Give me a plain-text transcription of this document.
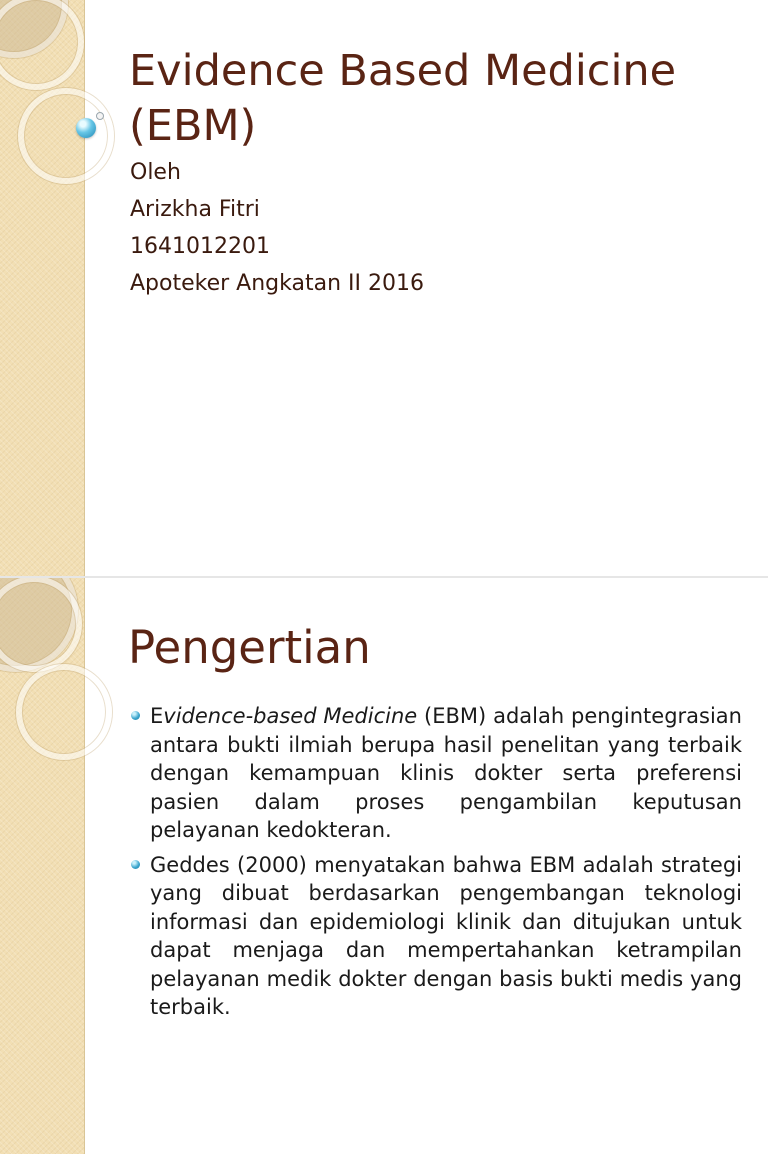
Evidence Based Medicine
(EBM)
Oleh
Arizkha Fitri
1641012201
Apoteker Angkatan II 2016
Pengertian
Evidence-based Medicine (EBM) adalah pengintegrasian antara bukti ilmiah berupa hasil penelitan yang terbaik dengan kemampuan klinis dokter serta preferensi pasien dalam proses pengambilan keputusan pelayanan kedokteran.
Geddes (2000) menyatakan bahwa EBM adalah strategi yang dibuat berdasarkan pengembangan teknologi informasi dan epidemiologi klinik dan ditujukan untuk dapat menjaga dan mempertahankan ketrampilan pelayanan medik dokter dengan basis bukti medis yang terbaik.
